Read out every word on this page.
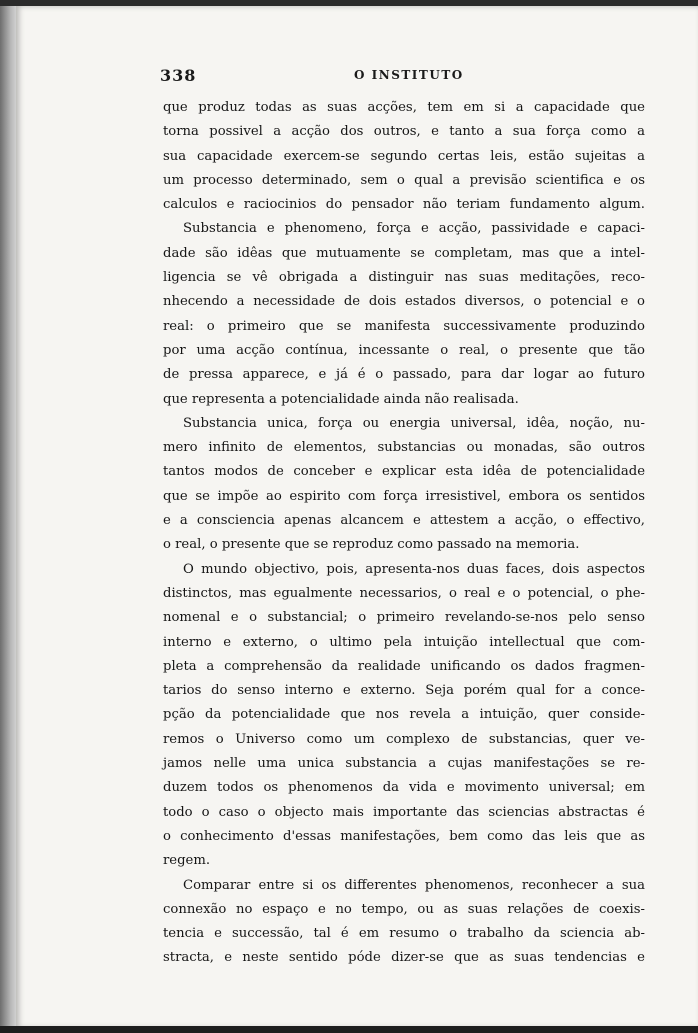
338	O INSTITUTO
que produz todas as suas acções, tem em si a capacidade que
torna possivel a acção dos outros, e tanto a sua força como a
sua capacidade exercem-se segundo certas leis, estão sujeitas a
um processo determinado, sem o qual a previsão scientifica e os
calculos e raciocinios do pensador não teriam fundamento algum.
Substancia e phenomeno, força e acção, passividade e capaci-
dade são idêas que mutuamente se completam, mas que a intel-
ligencia se vê obrigada a distinguir nas suas meditações, reco-
nhecendo a necessidade de dois estados diversos, o potencial e o
real: o primeiro que se manifesta successivamente produzindo
por uma acção contínua, incessante o real, o presente que tão
de pressa apparece, e já é o passado, para dar logar ao futuro
que representa a potencialidade ainda não realisada.
Substancia unica, força ou energia universal, idêa, noção, nu-
mero infinito de elementos, substancias ou monadas, são outros
tantos modos de conceber e explicar esta idêa de potencialidade
que se impõe ao espirito com força irresistivel, embora os sentidos
e a consciencia apenas alcancem e attestem a acção, o effectivo,
o real, o presente que se reproduz como passado na memoria.
O mundo objectivo, pois, apresenta-nos duas faces, dois aspectos
distinctos, mas egualmente necessarios, o real e o potencial, o phe-
nomenal e o substancial; o primeiro revelando-se-nos pelo senso
interno e externo, o ultimo pela intuição intellectual que com-
pleta a comprehensão da realidade unificando os dados fragmen-
tarios do senso interno e externo. Seja porém qual for a conce-
pção da potencialidade que nos revela a intuição, quer conside-
remos o Universo como um complexo de substancias, quer ve-
jamos nelle uma unica substancia a cujas manifestações se re-
duzem todos os phenomenos da vida e movimento universal; em
todo o caso o objecto mais importante das sciencias abstractas é
o conhecimento d'essas manifestações, bem como das leis que as
regem.
Comparar entre si os differentes phenomenos, reconhecer a sua
connexão no espaço e no tempo, ou as suas relações de coexis-
tencia e successão, tal é em resumo o trabalho da sciencia ab-
stracta, e neste sentido póde dizer-se que as suas tendencias e
